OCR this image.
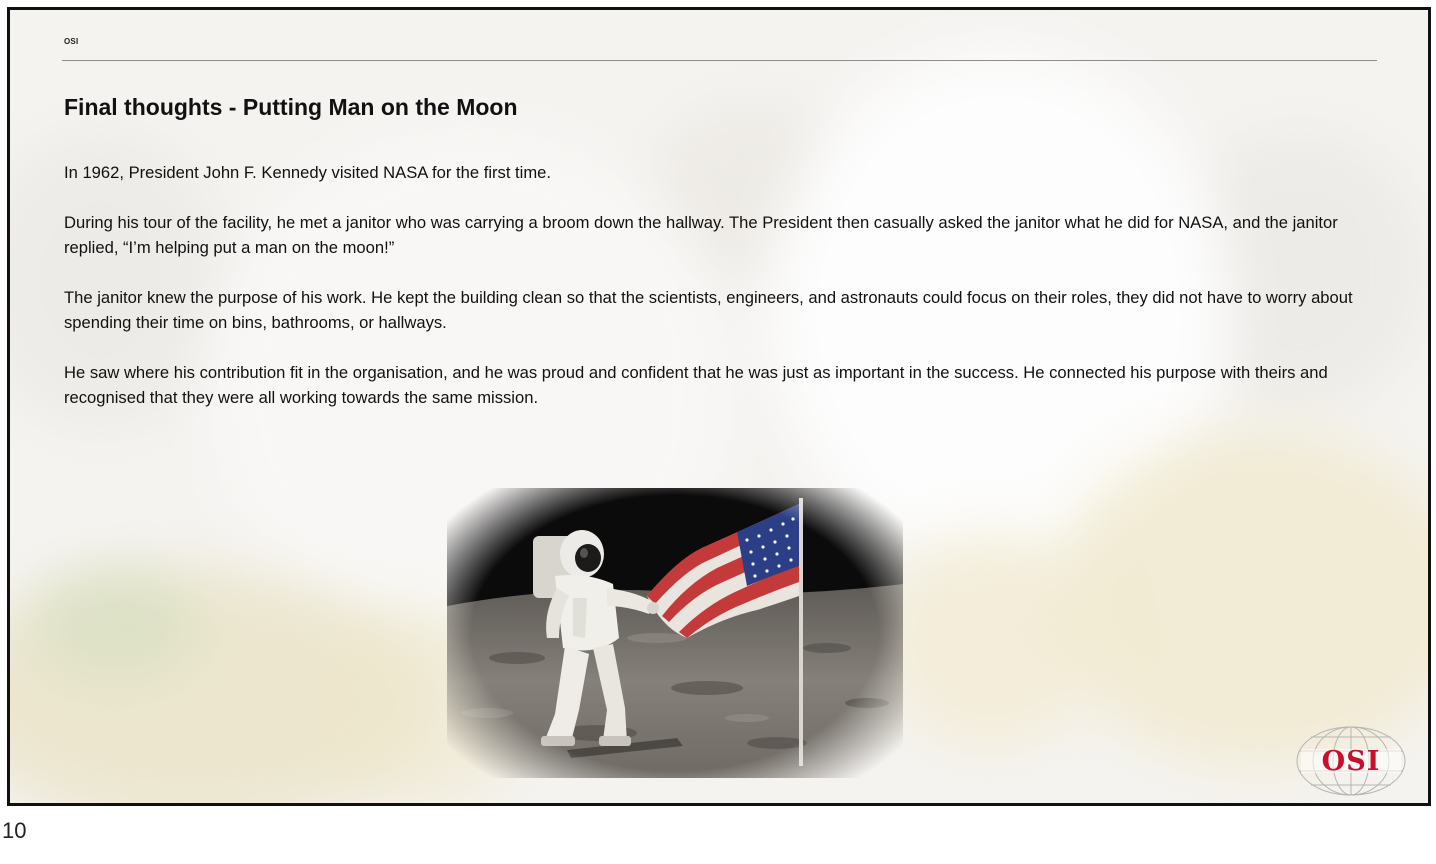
OSI
Final thoughts - Putting Man on the Moon

In 1962, President John F. Kennedy visited NASA for the first time.

During his tour of the facility, he met a janitor who was carrying a broom down the hallway. The President then casually asked the janitor what he did for NASA, and the janitor replied, “I’m helping put a man on the moon!”

The janitor knew the purpose of his work. He kept the building clean so that the scientists, engineers, and astronauts could focus on their roles, they did not have to worry about spending their time on bins, bathrooms, or hallways.

He saw where his contribution fit in the organisation, and he was proud and confident that he was just as important in the success. He connected his purpose with theirs and recognised that they were all working towards the same mission.

OSI
10
